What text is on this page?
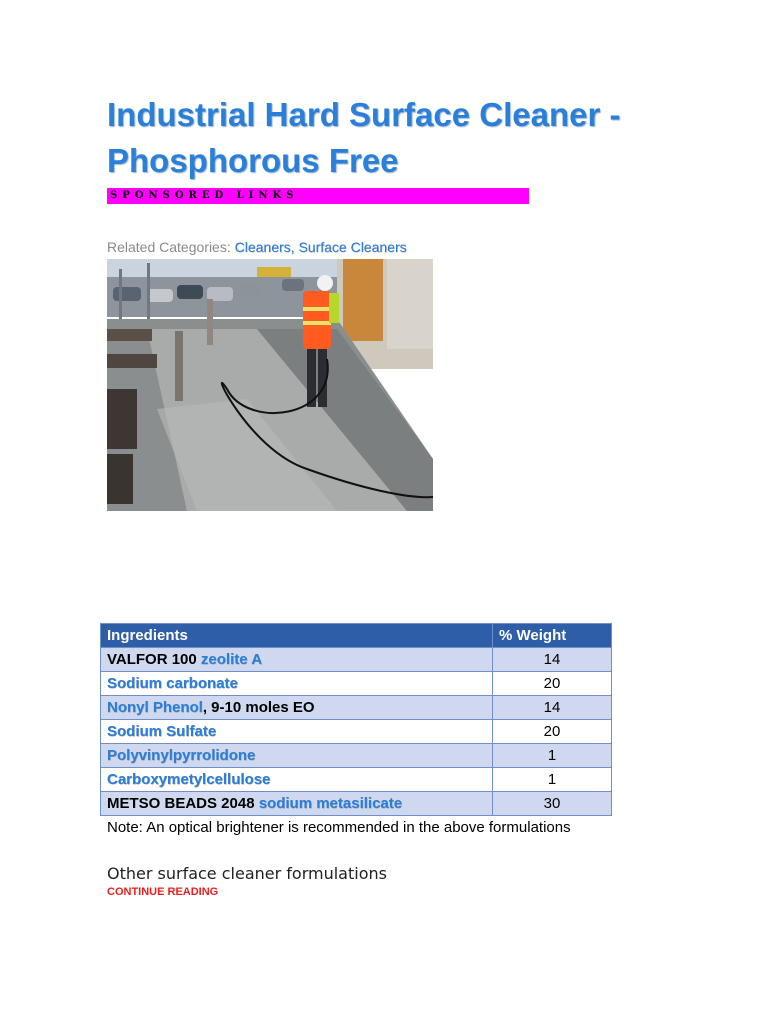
Industrial Hard Surface Cleaner - Phosphorous Free
SPONSORED LINKS
Related Categories: Cleaners, Surface Cleaners
Ingredients	% Weight
VALFOR 100 zeolite A	14
Sodium carbonate	20
Nonyl Phenol, 9-10 moles EO	14
Sodium Sulfate	20
Polyvinylpyrrolidone	1
Carboxymetylcellulose	1
METSO BEADS 2048 sodium metasilicate	30
Note: An optical brightener is recommended in the above formulations
Other surface cleaner formulations
CONTINUE READING
